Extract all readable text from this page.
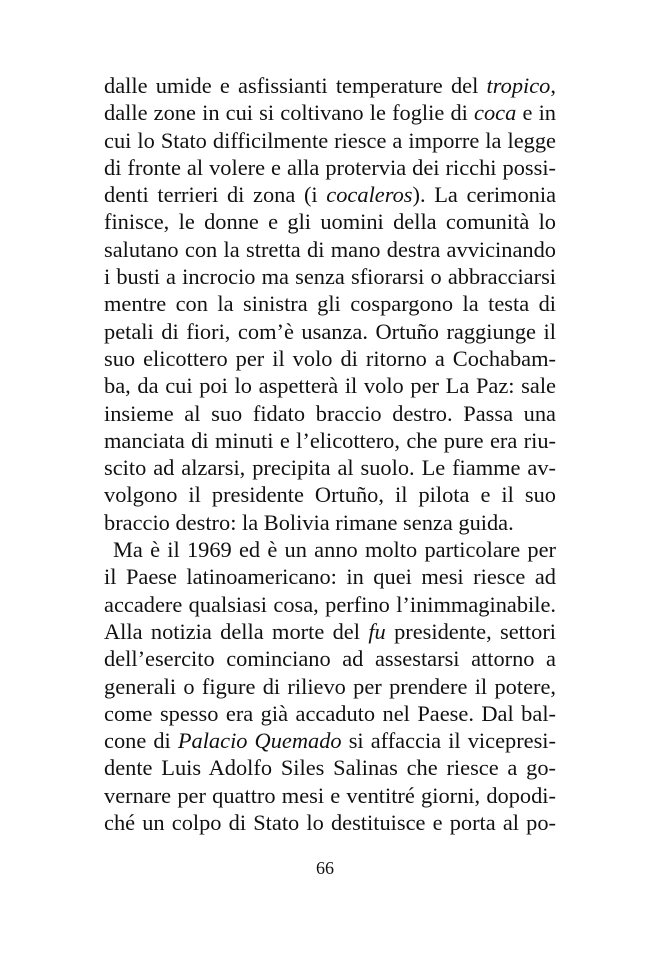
dalle umide e asfissianti temperature del tropico,
dalle zone in cui si coltivano le foglie di coca e in
cui lo Stato difficilmente riesce a imporre la legge
di fronte al volere e alla protervia dei ricchi possi-
denti terrieri di zona (i cocaleros). La cerimonia
finisce, le donne e gli uomini della comunità lo
salutano con la stretta di mano destra avvicinando
i busti a incrocio ma senza sfiorarsi o abbracciarsi
mentre con la sinistra gli cospargono la testa di
petali di fiori, com’è usanza. Ortuño raggiunge il
suo elicottero per il volo di ritorno a Cochabam-
ba, da cui poi lo aspetterà il volo per La Paz: sale
insieme al suo fidato braccio destro. Passa una
manciata di minuti e l’elicottero, che pure era riu-
scito ad alzarsi, precipita al suolo. Le fiamme av-
volgono il presidente Ortuño, il pilota e il suo
braccio destro: la Bolivia rimane senza guida.
Ma è il 1969 ed è un anno molto particolare per
il Paese latinoamericano: in quei mesi riesce ad
accadere qualsiasi cosa, perfino l’inimmaginabile.
Alla notizia della morte del fu presidente, settori
dell’esercito cominciano ad assestarsi attorno a
generali o figure di rilievo per prendere il potere,
come spesso era già accaduto nel Paese. Dal bal-
cone di Palacio Quemado si affaccia il vicepresi-
dente Luis Adolfo Siles Salinas che riesce a go-
vernare per quattro mesi e ventitré giorni, dopodi-
ché un colpo di Stato lo destituisce e porta al po-
66
